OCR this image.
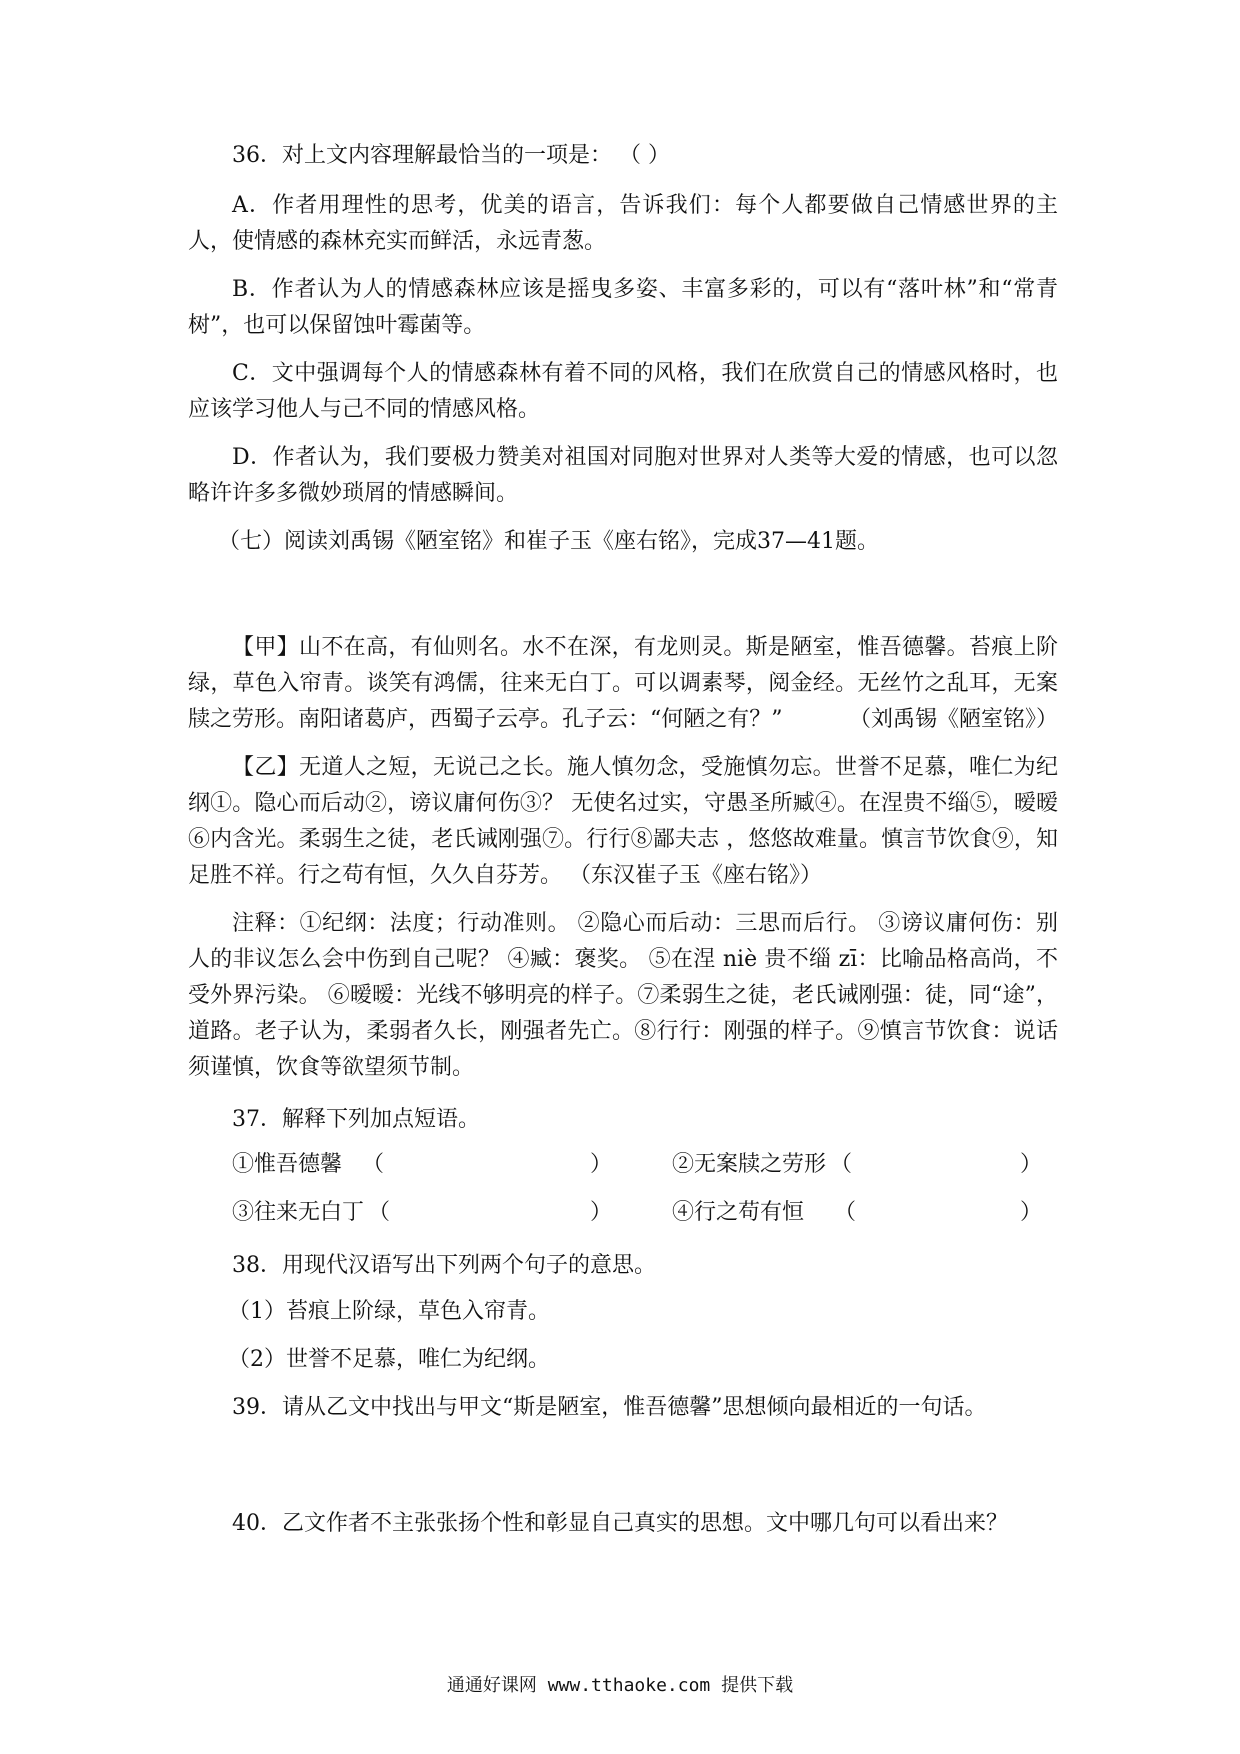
36．对上文内容理解最恰当的一项是： （ ）

A．作者用理性的思考，优美的语言，告诉我们：每个人都要做自己情感世界的主人，使情感的森林充实而鲜活，永远青葱。

B．作者认为人的情感森林应该是摇曳多姿、丰富多彩的，可以有“落叶林”和“常青树”，也可以保留蚀叶霉菌等。

C．文中强调每个人的情感森林有着不同的风格，我们在欣赏自己的情感风格时，也应该学习他人与己不同的情感风格。

D．作者认为，我们要极力赞美对祖国对同胞对世界对人类等大爱的情感，也可以忽略许许多多微妙琐屑的情感瞬间。

（七）阅读刘禹锡《陋室铭》和崔子玉《座右铭》，完成37—41题。

【甲】山不在高，有仙则名。水不在深，有龙则灵。斯是陋室，惟吾德馨。苔痕上阶绿，草色入帘青。谈笑有鸿儒，往来无白丁。可以调素琴，阅金经。无丝竹之乱耳，无案牍之劳形。南阳诸葛庐，西蜀子云亭。孔子云：“何陋之有？”	（刘禹锡《陋室铭》）

【乙】无道人之短，无说己之长。施人慎勿念，受施慎勿忘。世誉不足慕，唯仁为纪纲①。隐心而后动②，谤议庸何伤③？ 无使名过实，守愚圣所臧④。在涅贵不缁⑤，暧暧⑥内含光。柔弱生之徒，老氏诫刚强⑦。行行⑧鄙夫志 ，悠悠故难量。慎言节饮食⑨，知足胜不祥。行之苟有恒，久久自芬芳。 （东汉崔子玉《座右铭》）

注释：①纪纲：法度；行动准则。 ②隐心而后动：三思而后行。 ③谤议庸何伤：别人的非议怎么会中伤到自己呢？ ④臧：褒奖。 ⑤在涅 niè 贵不缁 zī：比喻品格高尚，不受外界污染。 ⑥暧暧：光线不够明亮的样子。⑦柔弱生之徒，老氏诫刚强：徒，同“途”，道路。老子认为，柔弱者久长，刚强者先亡。⑧行行：刚强的样子。⑨慎言节饮食：说话须谨慎，饮食等欲望须节制。

37．解释下列加点短语。

①惟吾德馨 （	）	②无案牍之劳形 （	）
③往来无白丁 （	）	④行之苟有恒 （	）

38．用现代汉语写出下列两个句子的意思。

（1）苔痕上阶绿，草色入帘青。

（2）世誉不足慕，唯仁为纪纲。

39．请从乙文中找出与甲文“斯是陋室，惟吾德馨”思想倾向最相近的一句话。

40．乙文作者不主张张扬个性和彰显自己真实的思想。文中哪几句可以看出来？

通通好课网 www.tthaoke.com 提供下载
